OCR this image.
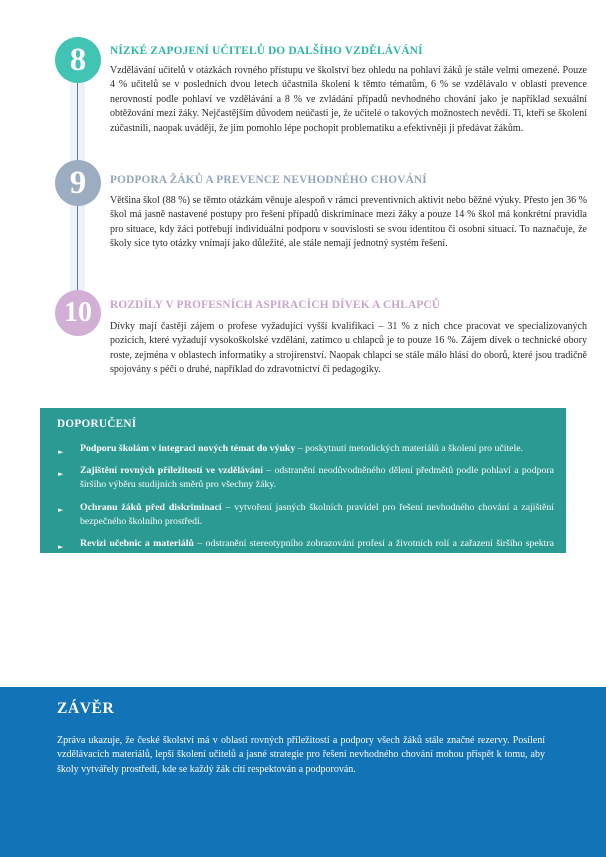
8 NÍZKÉ ZAPOJENÍ UČITELŮ DO DALŠÍHO VZDĚLÁVÁNÍ
Vzdělávání učitelů v otázkách rovného přístupu ve školství bez ohledu na pohlaví žáků je stále velmi omezené. Pouze 4 % učitelů se v posledních dvou letech účastnila školení k těmto tématům, 6 % se vzdělávalo v oblasti prevence nerovností podle pohlaví ve vzdělávání a 8 % ve zvládání případů nevhodného chování jako je například sexuální obtěžování mezi žáky. Nejčastějším důvodem neúčasti je, že učitelé o takových možnostech nevědí. Ti, kteří se školení zúčastnili, naopak uvádějí, že jim pomohlo lépe pochopit problematiku a efektivněji ji předávat žákům.
9 PODPORA ŽÁKŮ A PREVENCE NEVHODNÉHO CHOVÁNÍ
Většina škol (88 %) se těmto otázkám věnuje alespoň v rámci preventivních aktivit nebo běžné výuky. Přesto jen 36 % škol má jasně nastavené postupy pro řešení případů diskriminace mezi žáky a pouze 14 % škol má konkrétní pravidla pro situace, kdy žáci potřebují individuální podporu v souvislosti se svou identitou či osobní situací. To naznačuje, že školy sice tyto otázky vnímají jako důležité, ale stále nemají jednotný systém řešení.
10 ROZDÍLY V PROFESNÍCH ASPIRACÍCH DÍVEK A CHLAPCŮ
Dívky mají častěji zájem o profese vyžadující vyšší kvalifikaci – 31 % z nich chce pracovat ve specializovaných pozicích, které vyžadují vysokoškolské vzdělání, zatímco u chlapců je to pouze 16 %. Zájem dívek o technické obory roste, zejména v oblastech informatiky a strojírenství. Naopak chlapci se stále málo hlásí do oborů, které jsou tradičně spojovány s péčí o druhé, například do zdravotnictví či pedagogiky.
DOPORUČENÍ
► Podporu školám v integraci nových témat do výuky – poskytnutí metodických materiálů a školení pro učitele.
► Zajištění rovných příležitostí ve vzdělávání – odstranění neodůvodněného dělení předmětů podle pohlaví a podpora širšího výběru studijních směrů pro všechny žáky.
► Ochranu žáků před diskriminací – vytvoření jasných školních pravidel pro řešení nevhodného chování a zajištění bezpečného školního prostředí.
► Revizi učebnic a materiálů – odstranění stereotypního zobrazování profesí a životních rolí a zařazení širšího spektra témat do výuky.
ZÁVĚR
Zpráva ukazuje, že české školství má v oblasti rovných příležitostí a podpory všech žáků stále značné rezervy. Posílení vzdělávacích materiálů, lepší školení učitelů a jasné strategie pro řešení nevhodného chování mohou přispět k tomu, aby školy vytvářely prostředí, kde se každý žák cítí respektován a podporován.
